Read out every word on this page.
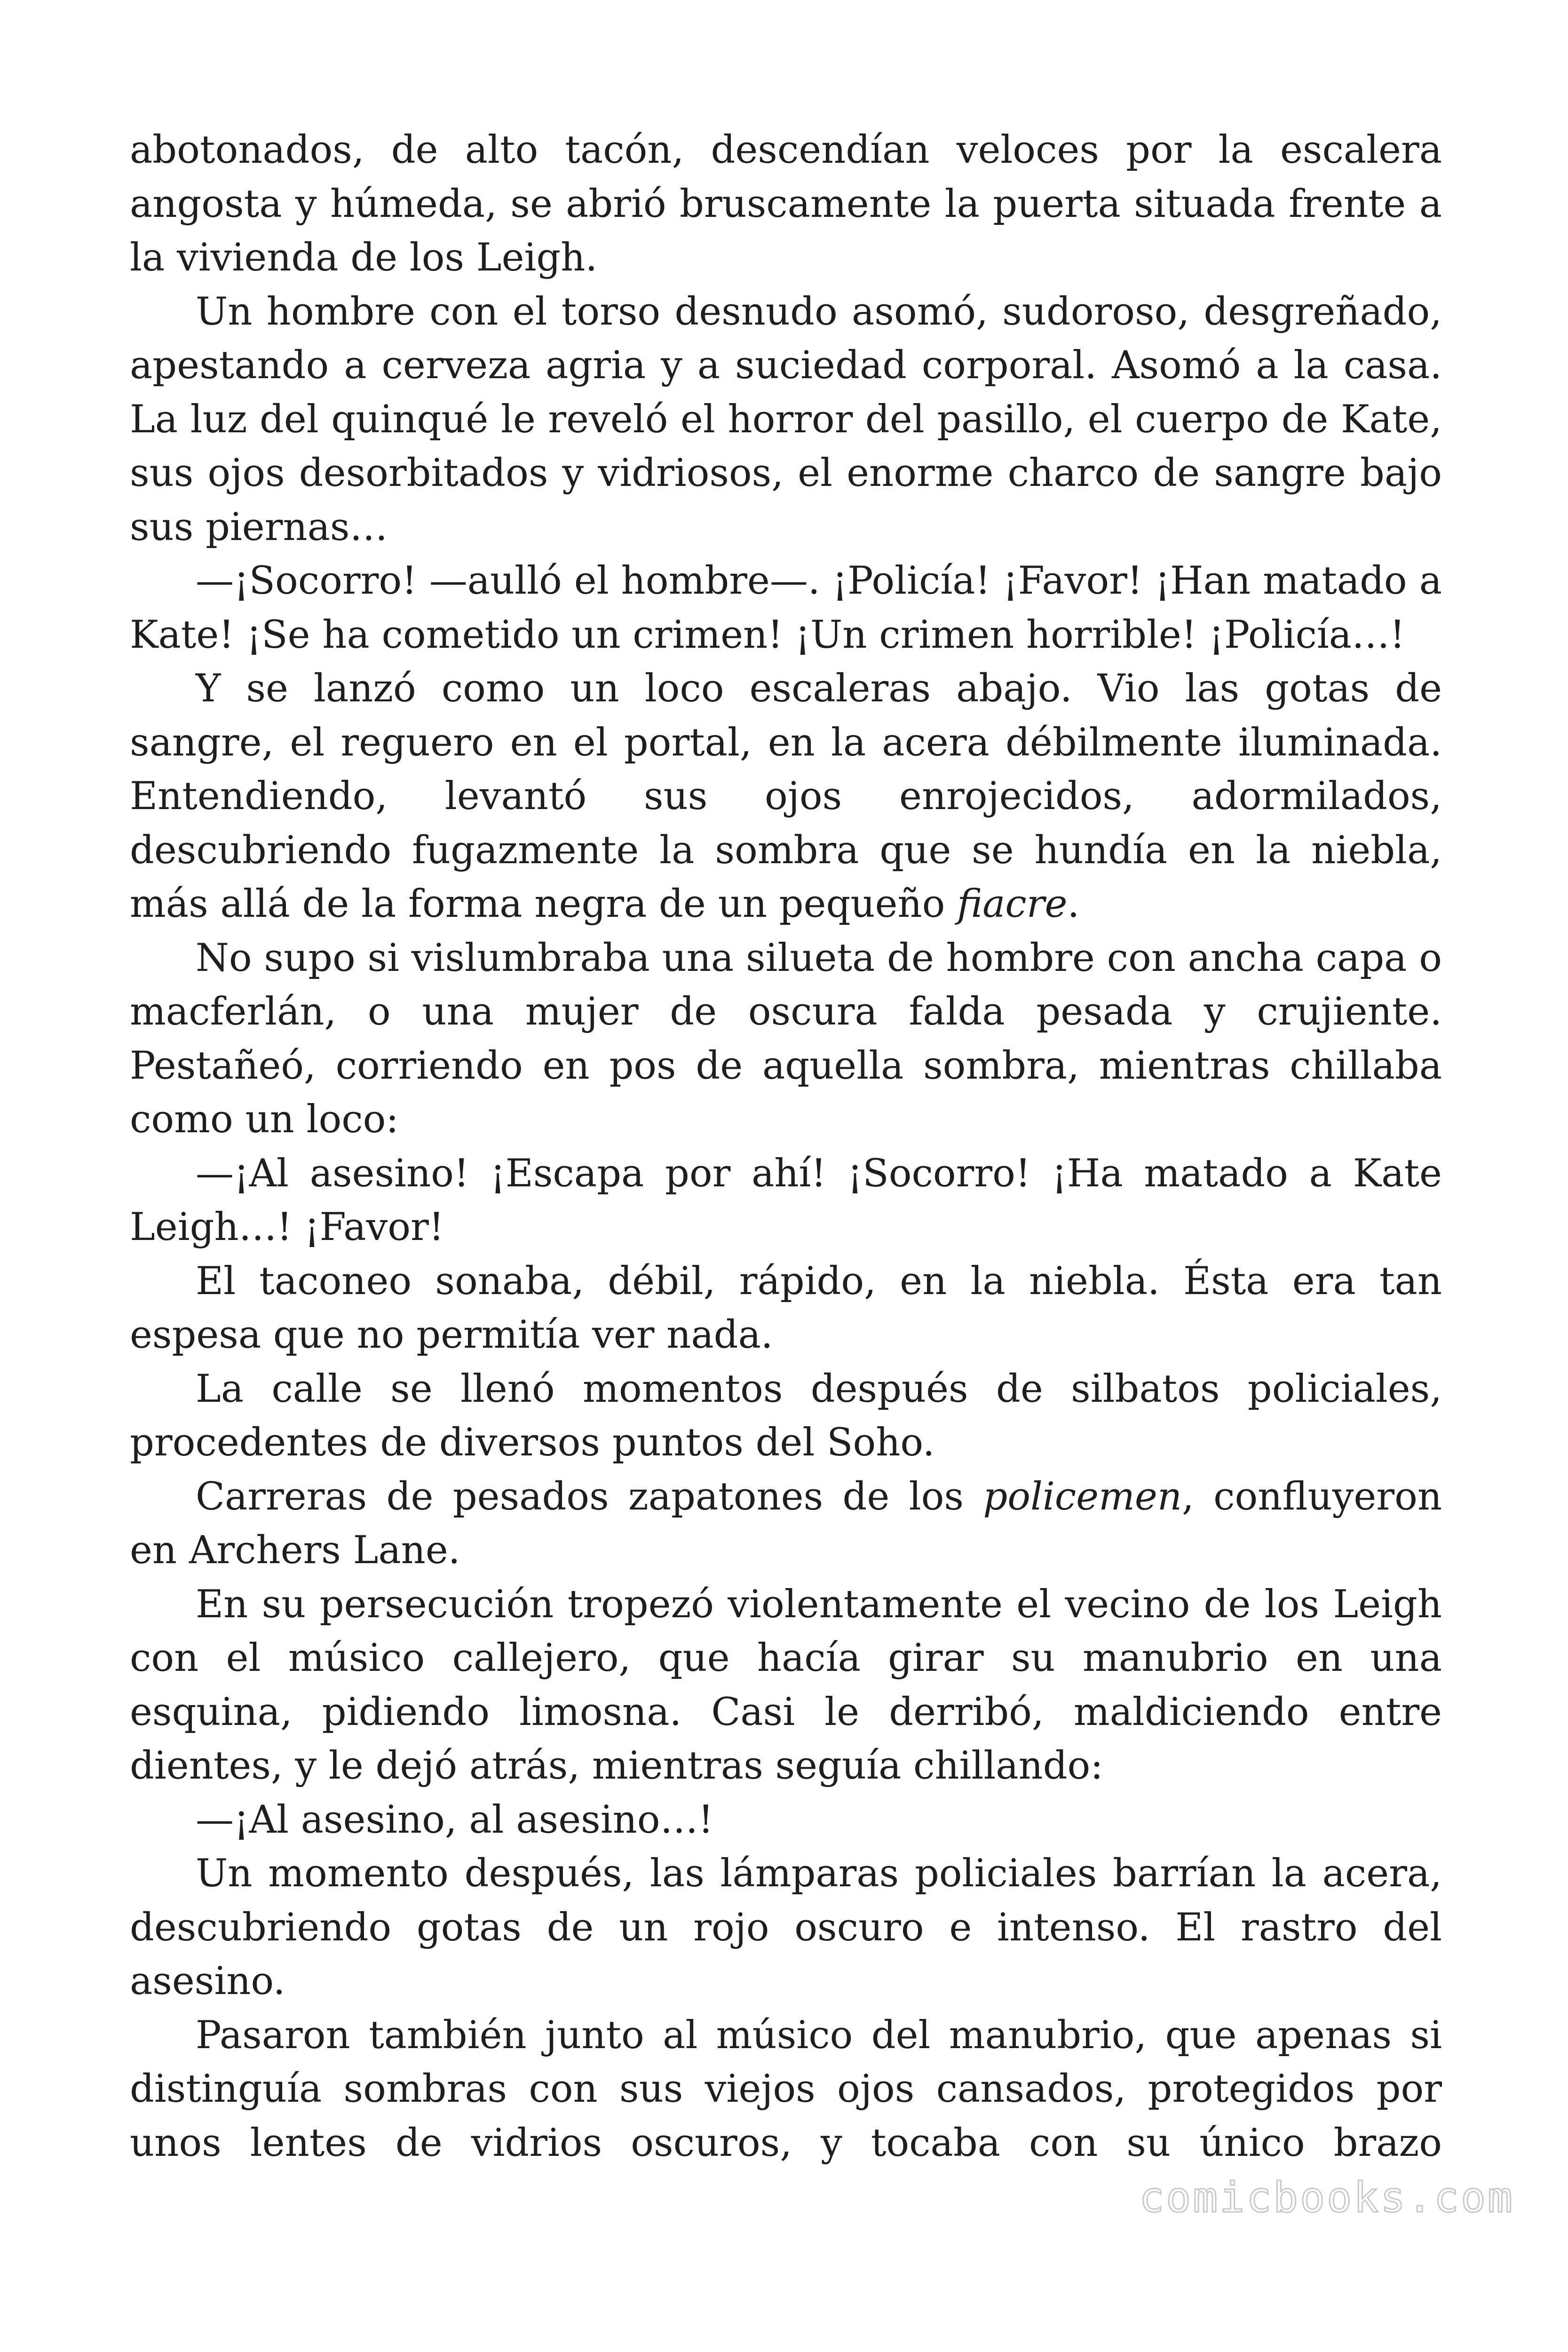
abotonados, de alto tacón, descendían veloces por la escalera angosta y húmeda, se abrió bruscamente la puerta situada frente a la vivienda de los Leigh.

Un hombre con el torso desnudo asomó, sudoroso, desgreñado, apestando a cerveza agria y a suciedad corporal. Asomó a la casa. La luz del quinqué le reveló el horror del pasillo, el cuerpo de Kate, sus ojos desorbitados y vidriosos, el enorme charco de sangre bajo sus piernas…

—¡Socorro! —aulló el hombre—. ¡Policía! ¡Favor! ¡Han matado a Kate! ¡Se ha cometido un crimen! ¡Un crimen horrible! ¡Policía…!

Y se lanzó como un loco escaleras abajo. Vio las gotas de sangre, el reguero en el portal, en la acera débilmente iluminada. Entendiendo, levantó sus ojos enrojecidos, adormilados, descubriendo fugazmente la sombra que se hundía en la niebla, más allá de la forma negra de un pequeño fiacre.

No supo si vislumbraba una silueta de hombre con ancha capa o macferlán, o una mujer de oscura falda pesada y crujiente. Pestañeó, corriendo en pos de aquella sombra, mientras chillaba como un loco:

—¡Al asesino! ¡Escapa por ahí! ¡Socorro! ¡Ha matado a Kate Leigh…! ¡Favor!

El taconeo sonaba, débil, rápido, en la niebla. Ésta era tan espesa que no permitía ver nada.

La calle se llenó momentos después de silbatos policiales, procedentes de diversos puntos del Soho.

Carreras de pesados zapatones de los policemen, confluyeron en Archers Lane.

En su persecución tropezó violentamente el vecino de los Leigh con el músico callejero, que hacía girar su manubrio en una esquina, pidiendo limosna. Casi le derribó, maldiciendo entre dientes, y le dejó atrás, mientras seguía chillando:

—¡Al asesino, al asesino…!

Un momento después, las lámparas policiales barrían la acera, descubriendo gotas de un rojo oscuro e intenso. El rastro del asesino.

Pasaron también junto al músico del manubrio, que apenas si distinguía sombras con sus viejos ojos cansados, protegidos por unos lentes de vidrios oscuros, y tocaba con su único brazo

comicbooks.com
